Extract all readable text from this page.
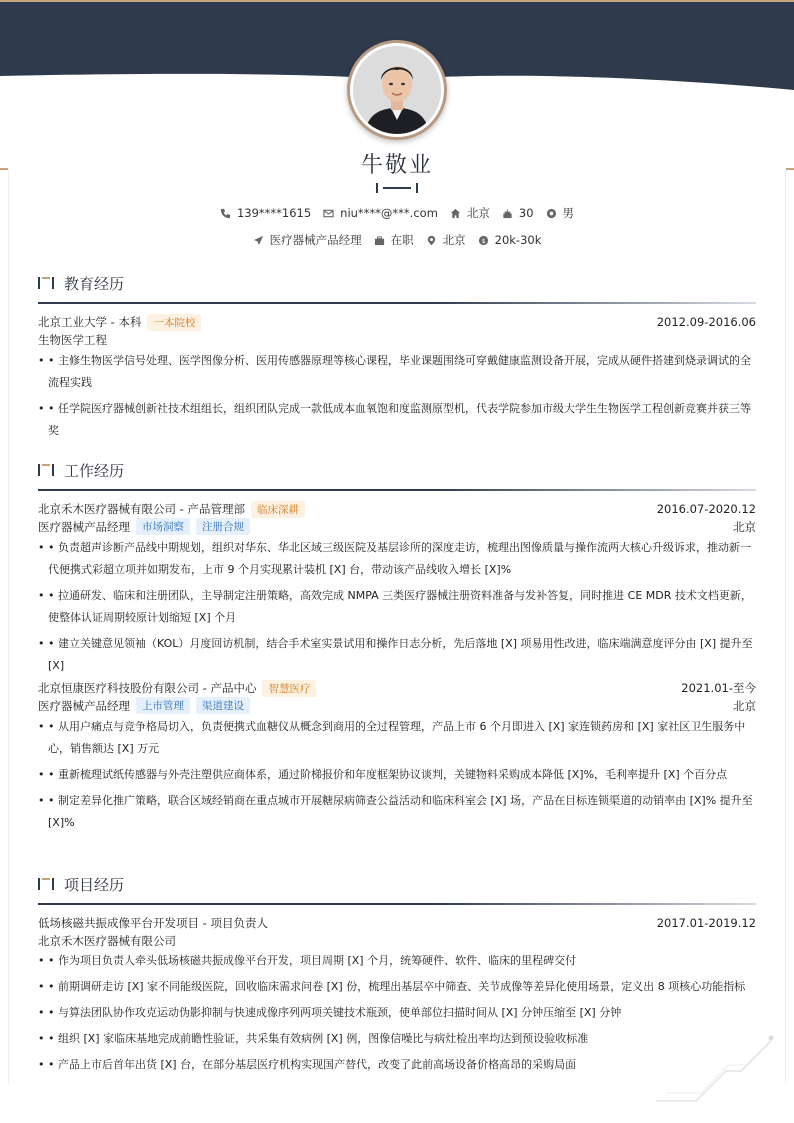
牛敬业
139****1615	niu****@***.com	北京	30	男
医疗器械产品经理	在职	北京 $ 20k-30k
教育经历
北京工业大学 - 本科	一本院校	2012.09-2016.06
生物医学工程
• • 主修生物医学信号处理、医学图像分析、医用传感器原理等核心课程，毕业课题围绕可穿戴健康监测设备开展，完成从硬件搭建到烧录调试的全流程实践
• • 任学院医疗器械创新社技术组组长，组织团队完成一款低成本血氧饱和度监测原型机，代表学院参加市级大学生生物医学工程创新竞赛并获三等奖
工作经历
北京禾木医疗器械有限公司 - 产品管理部	临床深耕	2016.07-2020.12
医疗器械产品经理	市场洞察	注册合规	北京
• • 负责超声诊断产品线中期规划，组织对华东、华北区域三级医院及基层诊所的深度走访，梳理出图像质量与操作流两大核心升级诉求，推动新一代便携式彩超立项并如期发布，上市 9 个月实现累计装机 [X] 台，带动该产品线收入增长 [X]%
• • 拉通研发、临床和注册团队，主导制定注册策略，高效完成 NMPA 三类医疗器械注册资料准备与发补答复，同时推进 CE MDR 技术文档更新，使整体认证周期较原计划缩短 [X] 个月
• • 建立关键意见领袖（KOL）月度回访机制，结合手术室实景试用和操作日志分析，先后落地 [X] 项易用性改进，临床端满意度评分由 [X] 提升至 [X]
北京恒康医疗科技股份有限公司 - 产品中心	智慧医疗	2021.01-至今
医疗器械产品经理	上市管理	渠道建设	北京
• • 从用户痛点与竞争格局切入，负责便携式血糖仪从概念到商用的全过程管理，产品上市 6 个月即进入 [X] 家连锁药房和 [X] 家社区卫生服务中心，销售额达 [X] 万元
• • 重新梳理试纸传感器与外壳注塑供应商体系，通过阶梯报价和年度框架协议谈判，关键物料采购成本降低 [X]%，毛利率提升 [X] 个百分点
• • 制定差异化推广策略，联合区域经销商在重点城市开展糖尿病筛查公益活动和临床科室会 [X] 场，产品在目标连锁渠道的动销率由 [X]% 提升至 [X]%
项目经历
低场核磁共振成像平台开发项目 - 项目负责人	2017.01-2019.12
北京禾木医疗器械有限公司
• • 作为项目负责人牵头低场核磁共振成像平台开发，项目周期 [X] 个月，统筹硬件、软件、临床的里程碑交付
• • 前期调研走访 [X] 家不同能级医院，回收临床需求问卷 [X] 份，梳理出基层卒中筛查、关节成像等差异化使用场景，定义出 8 项核心功能指标
• • 与算法团队协作攻克运动伪影抑制与快速成像序列两项关键技术瓶颈，使单部位扫描时间从 [X] 分钟压缩至 [X] 分钟
• • 组织 [X] 家临床基地完成前瞻性验证，共采集有效病例 [X] 例，图像信噪比与病灶检出率均达到预设验收标准
• • 产品上市后首年出货 [X] 台，在部分基层医疗机构实现国产替代，改变了此前高场设备价格高昂的采购局面
